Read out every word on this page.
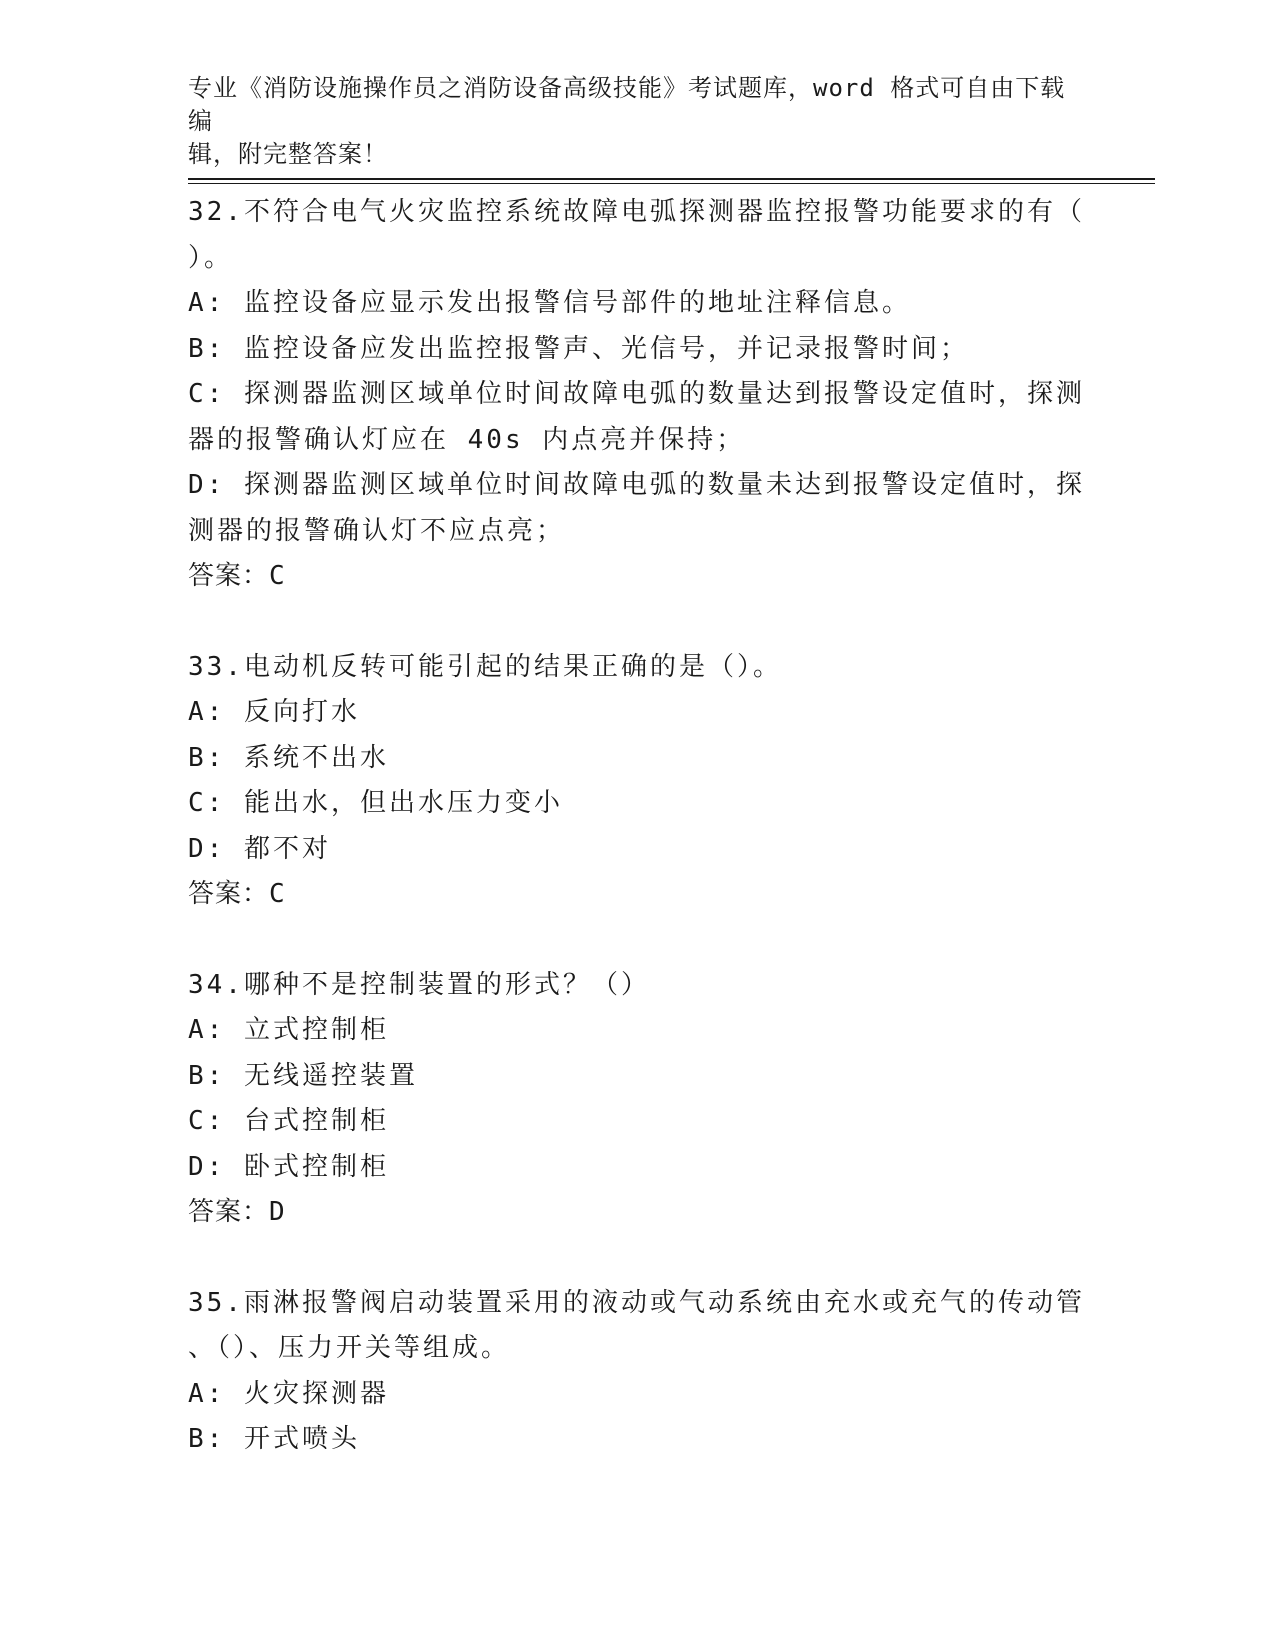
专业《消防设施操作员之消防设备高级技能》考试题库，word 格式可自由下载编
辑，附完整答案！
32.不符合电气火灾监控系统故障电弧探测器监控报警功能要求的有（
）。
A: 监控设备应显示发出报警信号部件的地址注释信息。
B: 监控设备应发出监控报警声、光信号，并记录报警时间；
C: 探测器监测区域单位时间故障电弧的数量达到报警设定值时，探测
器的报警确认灯应在 40s 内点亮并保持；
D: 探测器监测区域单位时间故障电弧的数量未达到报警设定值时，探
测器的报警确认灯不应点亮；
答案：C
33.电动机反转可能引起的结果正确的是（）。
A: 反向打水
B: 系统不出水
C: 能出水，但出水压力变小
D: 都不对
答案：C
34.哪种不是控制装置的形式？（）
A: 立式控制柜
B: 无线遥控装置
C: 台式控制柜
D: 卧式控制柜
答案：D
35.雨淋报警阀启动装置采用的液动或气动系统由充水或充气的传动管
、（）、压力开关等组成。
A: 火灾探测器
B: 开式喷头
